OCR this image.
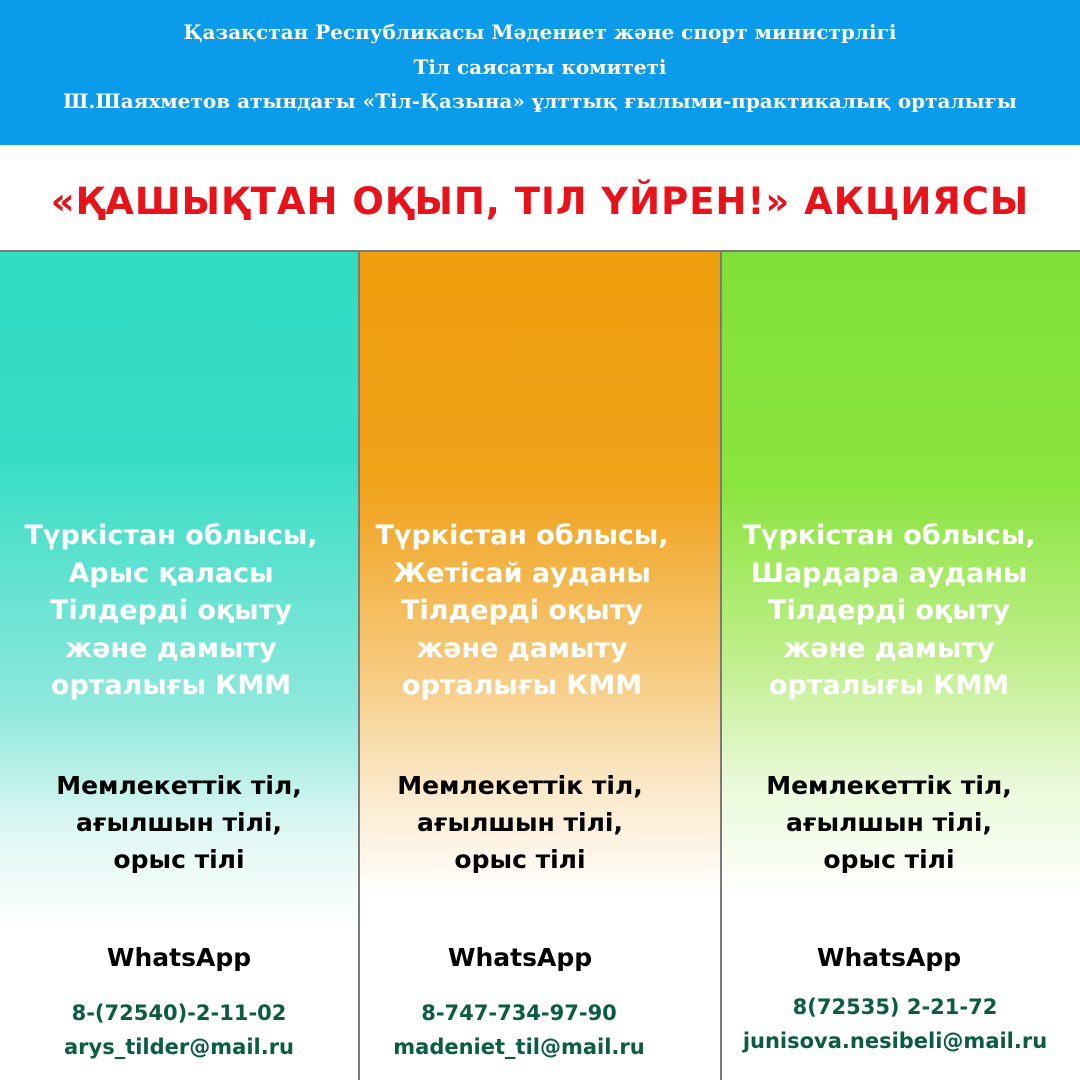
Қазақстан Республикасы Мәдениет және спорт министрлігі
Тіл саясаты комитеті
Ш.Шаяхметов атындағы «Тіл-Қазына» ұлттық ғылыми-практикалық орталығы
«ҚАШЫҚТАН ОҚЫП, ТІЛ ҮЙРЕН!» АКЦИЯСЫ
Түркістан облысы,
Арыс қаласы
Тілдерді оқыту
және дамыту
орталығы КММ
Мемлекеттік тіл,
ағылшын тілі,
орыс тілі
WhatsApp
8-(72540)-2-11-02
arys_tilder@mail.ru
Түркістан облысы,
Жетісай ауданы
Тілдерді оқыту
және дамыту
орталығы КММ
Мемлекеттік тіл,
ағылшын тілі,
орыс тілі
WhatsApp
8-747-734-97-90
madeniet_til@mail.ru
Түркістан облысы,
Шардара ауданы
Тілдерді оқыту
және дамыту
орталығы КММ
Мемлекеттік тіл,
ағылшын тілі,
орыс тілі
WhatsApp
8(72535) 2-21-72
junisova.nesibeli@mail.ru
